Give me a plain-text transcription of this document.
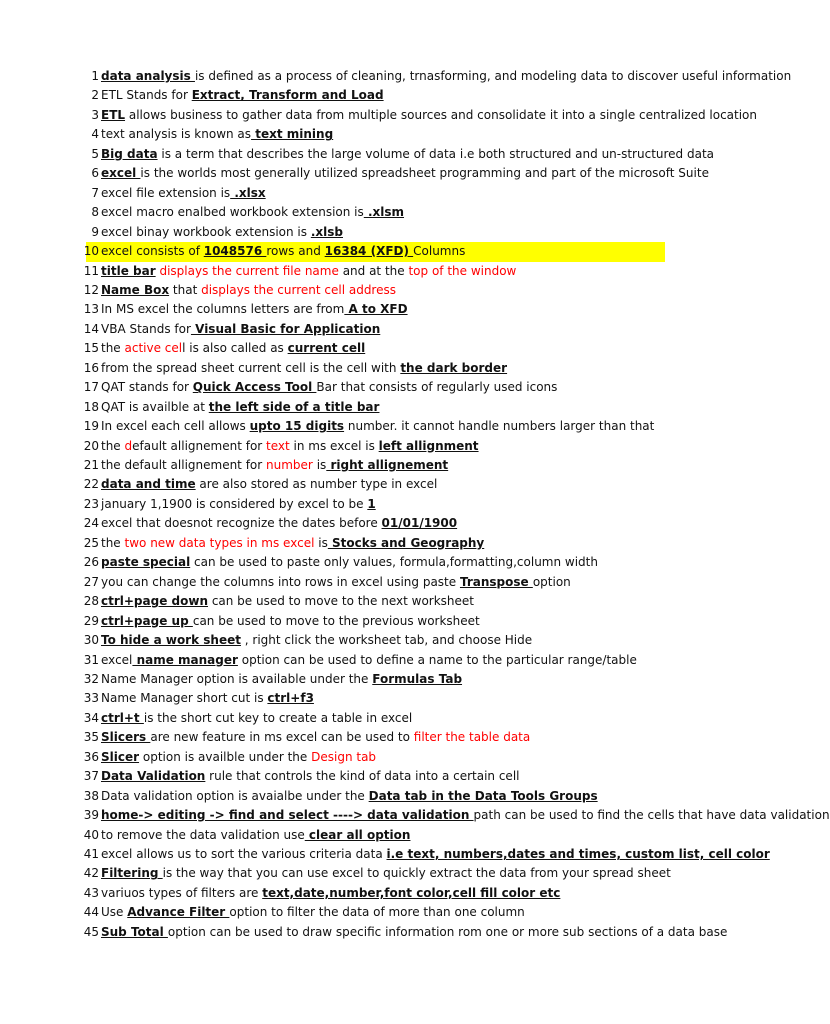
1 data analysis is defined as a process of cleaning, trnasforming, and modeling data to discover useful information
2 ETL Stands for Extract, Transform and Load
3 ETL allows business to gather data from multiple sources and consolidate it into a single centralized location
4 text analysis is known as text mining
5 Big data is a term that describes the large volume of data i.e both structured and un-structured data
6 excel is the worlds most generally utilized spreadsheet programming and part of the microsoft Suite
7 excel file extension is .xlsx
8 excel macro enalbed workbook extension is .xlsm
9 excel binay workbook extension is .xlsb
10 excel consists of 1048576 rows and 16384 (XFD) Columns
11 title bar displays the current file name and at the top of the window
12 Name Box that displays the current cell address
13 In MS excel the columns letters are from A to XFD
14 VBA Stands for Visual Basic for Application
15 the active cell is also called as current cell
16 from the spread sheet current cell is the cell with the dark border
17 QAT stands for Quick Access Tool Bar that consists of regularly used icons
18 QAT is availble at the left side of a title bar
19 In excel each cell allows upto 15 digits number. it cannot handle numbers larger than that
20 the default allignement for text in ms excel is left allignment
21 the default allignement for number is right allignement
22 data and time are also stored as number type in excel
23 january 1,1900 is considered by excel to be 1
24 excel that doesnot recognize the dates before 01/01/1900
25 the two new data types in ms excel is Stocks and Geography
26 paste special can be used to paste only values, formula,formatting,column width
27 you can change the columns into rows in excel using paste Transpose option
28 ctrl+page down can be used to move to the next worksheet
29 ctrl+page up can be used to move to the previous worksheet
30 To hide a work sheet , right click the worksheet tab, and choose Hide
31 excel name manager option can be used to define a name to the particular range/table
32 Name Manager option is available under the Formulas Tab
33 Name Manager short cut is ctrl+f3
34 ctrl+t is the short cut key to create a table in excel
35 Slicers are new feature in ms excel can be used to filter the table data
36 Slicer option is availble under the Design tab
37 Data Validation rule that controls the kind of data into a certain cell
38 Data validation option is avaialbe under the Data tab in the Data Tools Groups
39 home-> editing -> find and select ----> data validation path can be used to find the cells that have data validation
40 to remove the data validation use clear all option
41 excel allows us to sort the various criteria data i.e text, numbers,dates and times, custom list, cell color
42 Filtering is the way that you can use excel to quickly extract the data from your spread sheet
43 variuos types of filters are text,date,number,font color,cell fill color etc
44 Use Advance Filter option to filter the data of more than one column
45 Sub Total option can be used to draw specific information rom one or more sub sections of a data base
